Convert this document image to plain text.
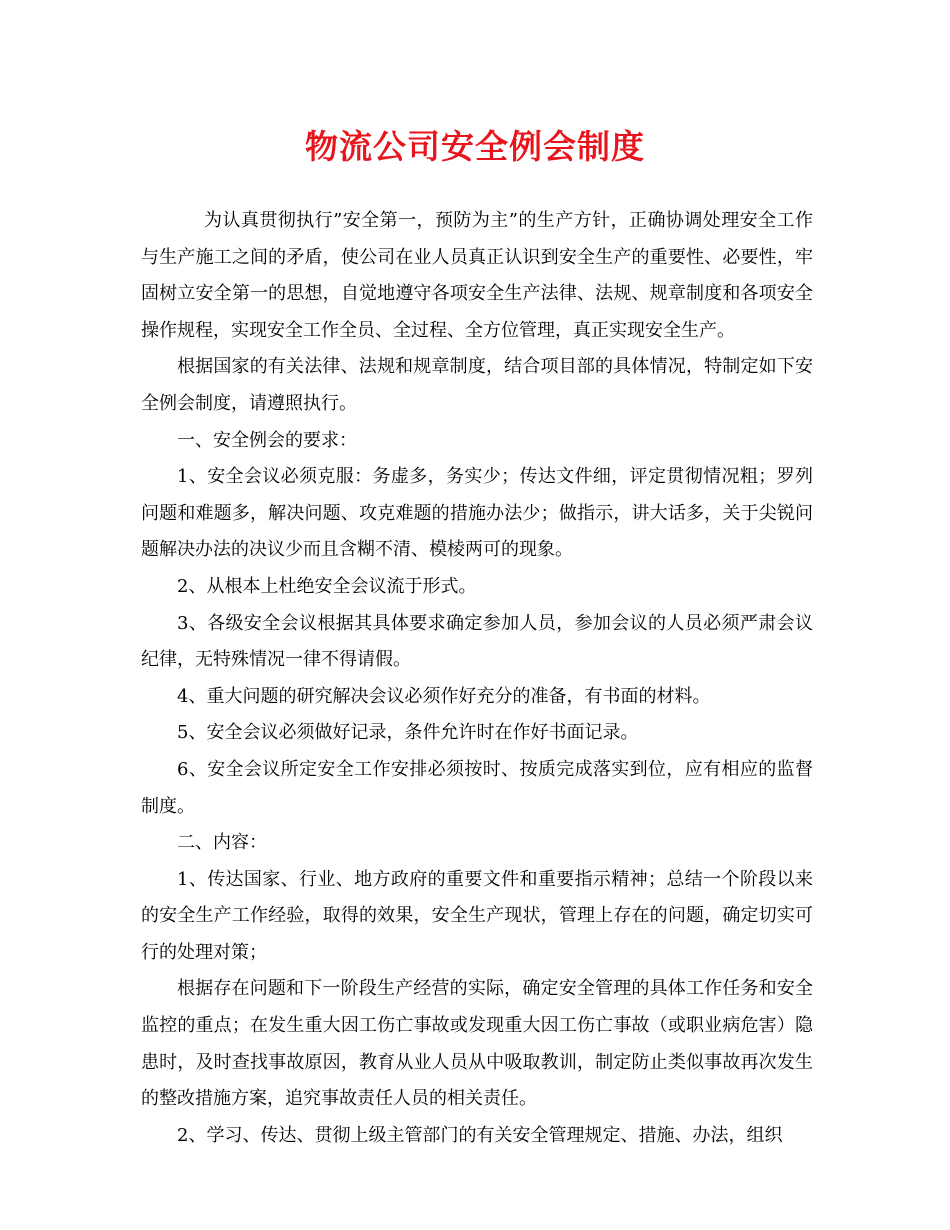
物流公司安全例会制度

为认真贯彻执行”安全第一，预防为主”的生产方针，正确协调处理安全工作与生产施工之间的矛盾，使公司在业人员真正认识到安全生产的重要性、必要性，牢固树立安全第一的思想，自觉地遵守各项安全生产法律、法规、规章制度和各项安全操作规程，实现安全工作全员、全过程、全方位管理，真正实现安全生产。

根据国家的有关法律、法规和规章制度，结合项目部的具体情况，特制定如下安全例会制度，请遵照执行。

一、安全例会的要求：

1、安全会议必须克服：务虚多，务实少；传达文件细，评定贯彻情况粗；罗列问题和难题多，解决问题、攻克难题的措施办法少；做指示，讲大话多，关于尖锐问题解决办法的决议少而且含糊不清、模棱两可的现象。

2、从根本上杜绝安全会议流于形式。

3、各级安全会议根据其具体要求确定参加人员，参加会议的人员必须严肃会议纪律，无特殊情况一律不得请假。

4、重大问题的研究解决会议必须作好充分的准备，有书面的材料。

5、安全会议必须做好记录，条件允许时在作好书面记录。

6、安全会议所定安全工作安排必须按时、按质完成落实到位，应有相应的监督制度。

二、内容：

1、传达国家、行业、地方政府的重要文件和重要指示精神；总结一个阶段以来的安全生产工作经验，取得的效果，安全生产现状，管理上存在的问题，确定切实可行的处理对策；

根据存在问题和下一阶段生产经营的实际，确定安全管理的具体工作任务和安全监控的重点；在发生重大因工伤亡事故或发现重大因工伤亡事故（或职业病危害）隐患时，及时查找事故原因，教育从业人员从中吸取教训，制定防止类似事故再次发生的整改措施方案，追究事故责任人员的相关责任。

2、学习、传达、贯彻上级主管部门的有关安全管理规定、措施、办法，组织
